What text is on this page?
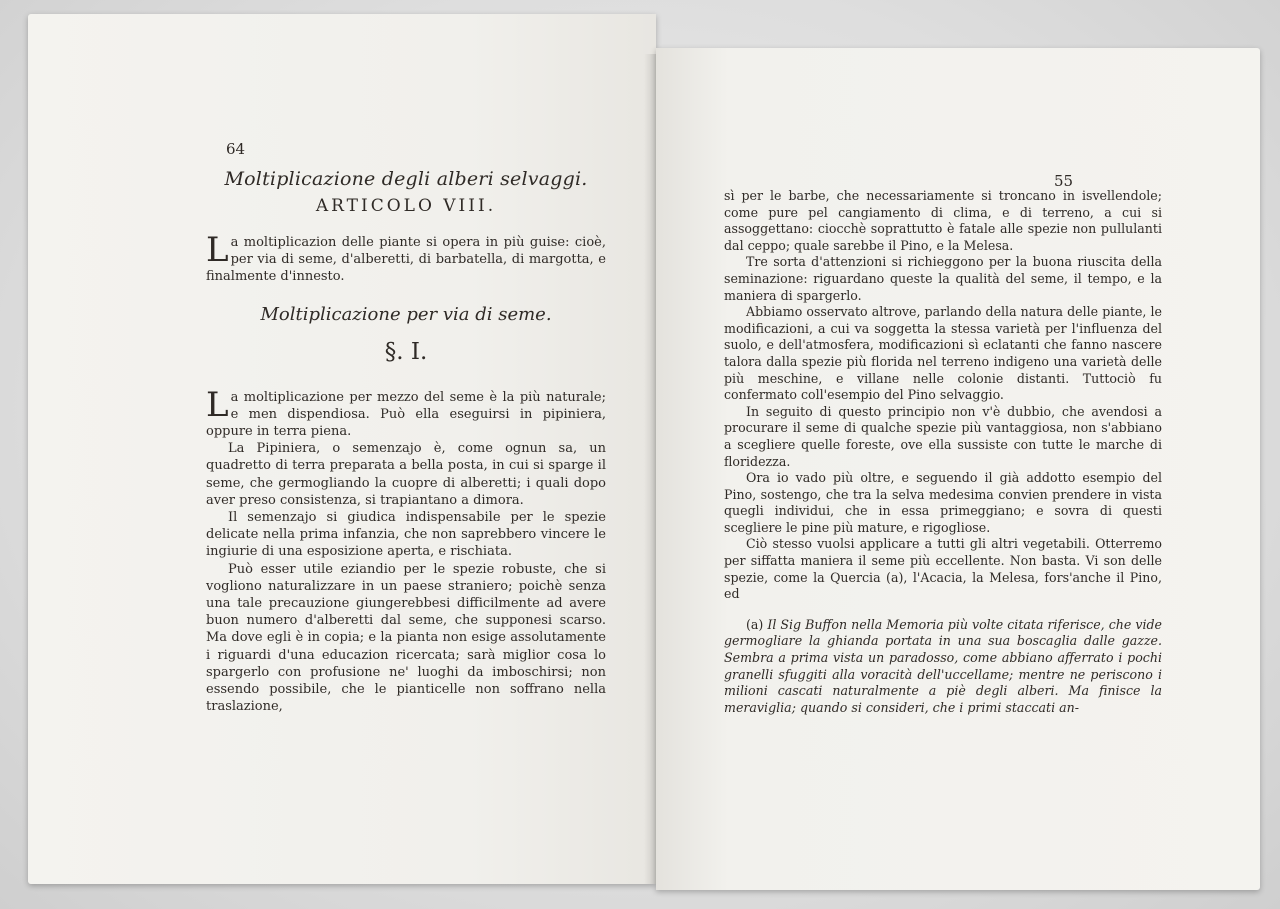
64
Moltiplicazione degli alberi selvaggi.
ARTICOLO VIII.

La moltiplicazion delle piante si opera in più guise: cioè, per via di seme, d'alberetti, di barbatella, di margotta, e finalmente d'innesto.

Moltiplicazione per via di seme.
§. I.

La moltiplicazione per mezzo del seme è la più naturale; e men dispendiosa. Può ella eseguirsi in pipiniera, oppure in terra piena.

La Pipiniera, o semenzajo è, come ognun sa, un quadretto di terra preparata a bella posta, in cui si sparge il seme, che germogliando la cuopre di alberetti; i quali dopo aver preso consistenza, si trapiantano a dimora.

Il semenzajo si giudica indispensabile per le spezie delicate nella prima infanzia, che non saprebbero vincere le ingiurie di una esposizione aperta, e rischiata.

Può esser utile eziandio per le spezie robuste, che si vogliono naturalizzare in un paese straniero; poichè senza una tale precauzione giungerebbesi difficilmente ad avere buon numero d'alberetti dal seme, che supponesi scarso. Ma dove egli è in copia; e la pianta non esige assolutamente i riguardi d'una educazion ricercata; sarà miglior cosa lo spargerlo con profusione ne' luoghi da imboschirsi; non essendo possibile, che le pianticelle non soffrano nella traslazione,

55

sì per le barbe, che necessariamente si troncano in isvellendole; come pure pel cangiamento di clima, e di terreno, a cui si assoggettano: ciocchè soprattutto è fatale alle spezie non pullulanti dal ceppo; quale sarebbe il Pino, e la Melesa.

Tre sorta d'attenzioni si richieggono per la buona riuscita della seminazione: riguardano queste la qualità del seme, il tempo, e la maniera di spargerlo.

Abbiamo osservato altrove, parlando della natura delle piante, le modificazioni, a cui va soggetta la stessa varietà per l'influenza del suolo, e dell'atmosfera, modificazioni sì eclatanti che fanno nascere talora dalla spezie più florida nel terreno indigeno una varietà delle più meschine, e villane nelle colonie distanti. Tuttociò fu confermato coll'esempio del Pino selvaggio.

In seguito di questo principio non v'è dubbio, che avendosi a procurare il seme di qualche spezie più vantaggiosa, non s'abbiano a scegliere quelle foreste, ove ella sussiste con tutte le marche di floridezza.

Ora io vado più oltre, e seguendo il già addotto esempio del Pino, sostengo, che tra la selva medesima convien prendere in vista quegli individui, che in essa primeggiano; e sovra di questi scegliere le pine più mature, e rigogliose.

Ciò stesso vuolsi applicare a tutti gli altri vegetabili. Otterremo per siffatta maniera il seme più eccellente. Non basta. Vi son delle spezie, come la Quercia (a), l'Acacia, la Melesa, fors'anche il Pino, ed

(a) Il Sig Buffon nella Memoria più volte citata riferisce, che vide germogliare la ghianda portata in una sua boscaglia dalle gazze. Sembra a prima vista un paradosso, come abbiano afferrato i pochi granelli sfuggiti alla voracità dell'uccellame; mentre ne periscono i milioni cascati naturalmente a piè degli alberi. Ma finisce la meraviglia; quando si consideri, che i primi staccati an-
